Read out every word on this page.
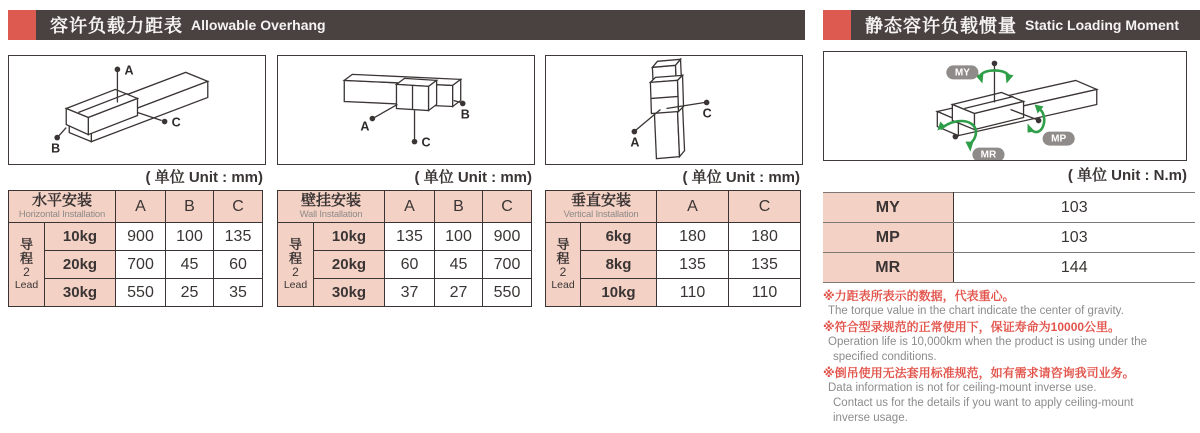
容许负载力距表 Allowable Overhang
A
C
B
( 单位 Unit : mm)
A
C
B
( 单位 Unit : mm)
A
C
( 单位 Unit : mm)
水平安装
Horizontal Installation		A	B	C

导
程
2
Lead	10kg	900	100	135
	20kg	700	45	60
	30kg	550	25	35
壁挂安装
Wall Installation		A	B	C

导
程
2
Lead	10kg	135	100	900
	20kg	60	45	700
	30kg	37	27	550
垂直安装
Vertical Installation		A	C

导
程
2
Lead	6kg	180	180
	8kg	135	135
	10kg	110	110
静态容许负载惯量 Static Loading Moment
MY
MP
MR
( 单位 Unit : N.m)
MY	103
MP	103
MR	144
※力距表所表示的数据，代表重心。
The torque value in the chart indicate the center of gravity.
※符合型录规范的正常使用下，保证寿命为10000公里。
Operation life is 10,000km when the product is using under the
specified conditions.
※倒吊使用无法套用标准规范，如有需求请咨询我司业务。
Data information is not for ceiling-mount inverse use.
Contact us for the details if you want to apply ceiling-mount
inverse usage.
